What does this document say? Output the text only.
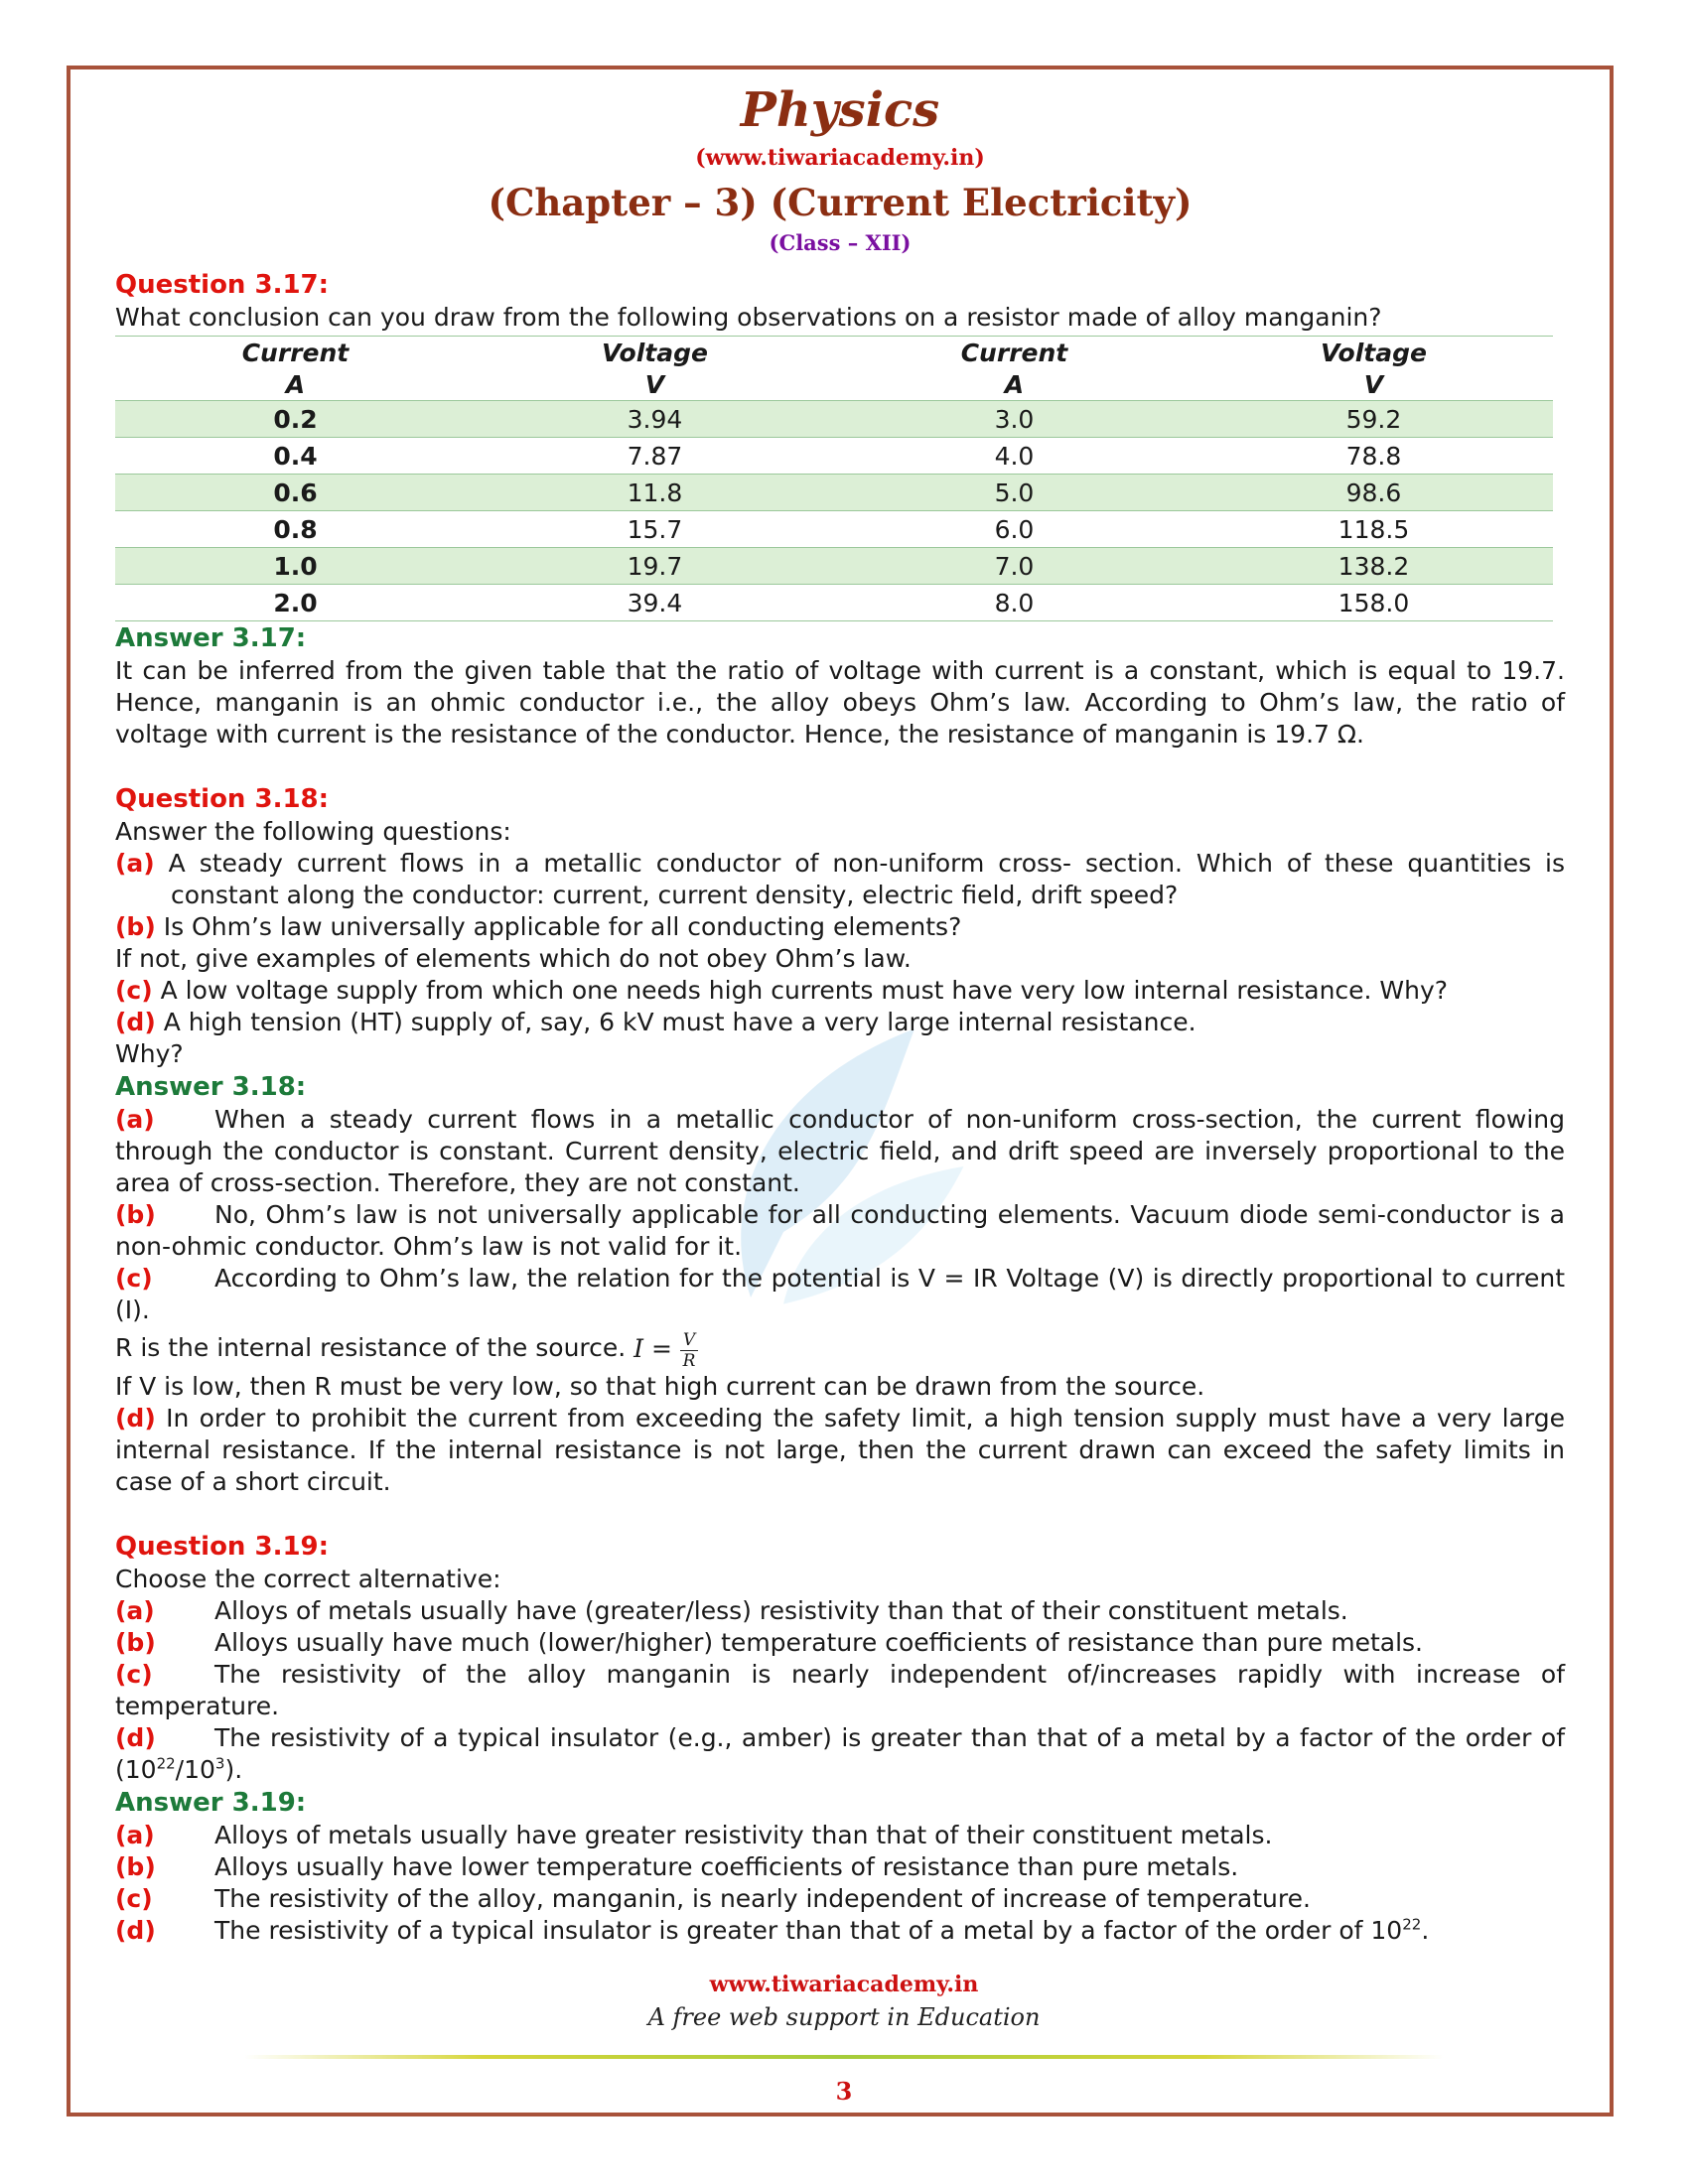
Physics
(www.tiwariacademy.in)
(Chapter – 3) (Current Electricity)
(Class – XII)
Question 3.17:
What conclusion can you draw from the following observations on a resistor made of alloy manganin?
Current	Voltage	Current	Voltage
A	V	A	V
0.2	3.94	3.0	59.2
0.4	7.87	4.0	78.8
0.6	11.8	5.0	98.6
0.8	15.7	6.0	118.5
1.0	19.7	7.0	138.2
2.0	39.4	8.0	158.0
Answer 3.17:
It can be inferred from the given table that the ratio of voltage with current is a constant, which is equal to 19.7. Hence, manganin is an ohmic conductor i.e., the alloy obeys Ohm’s law. According to Ohm’s law, the ratio of voltage with current is the resistance of the conductor. Hence, the resistance of manganin is 19.7 Ω.
Question 3.18:
Answer the following questions:
(a) A steady current flows in a metallic conductor of non-uniform cross- section. Which of these quantities is constant along the conductor: current, current density, electric field, drift speed?
(b) Is Ohm’s law universally applicable for all conducting elements?
If not, give examples of elements which do not obey Ohm’s law.
(c) A low voltage supply from which one needs high currents must have very low internal resistance. Why?
(d) A high tension (HT) supply of, say, 6 kV must have a very large internal resistance.
Why?
Answer 3.18:
(a) When a steady current flows in a metallic conductor of non-uniform cross-section, the current flowing through the conductor is constant. Current density, electric field, and drift speed are inversely proportional to the area of cross-section. Therefore, they are not constant.
(b) No, Ohm’s law is not universally applicable for all conducting elements. Vacuum diode semi-conductor is a non-ohmic conductor. Ohm’s law is not valid for it.
(c) According to Ohm’s law, the relation for the potential is V = IR Voltage (V) is directly proportional to current (I).
R is the internal resistance of the source. $I = \frac{V}{R}$
If V is low, then R must be very low, so that high current can be drawn from the source.
(d) In order to prohibit the current from exceeding the safety limit, a high tension supply must have a very large internal resistance. If the internal resistance is not large, then the current drawn can exceed the safety limits in case of a short circuit.
Question 3.19:
Choose the correct alternative:
(a) Alloys of metals usually have (greater/less) resistivity than that of their constituent metals.
(b) Alloys usually have much (lower/higher) temperature coefficients of resistance than pure metals.
(c) The resistivity of the alloy manganin is nearly independent of/increases rapidly with increase of temperature.
(d) The resistivity of a typical insulator (e.g., amber) is greater than that of a metal by a factor of the order of $(10^{22}/10^3)$.
Answer 3.19:
(a) Alloys of metals usually have greater resistivity than that of their constituent metals.
(b) Alloys usually have lower temperature coefficients of resistance than pure metals.
(c) The resistivity of the alloy, manganin, is nearly independent of increase of temperature.
(d) The resistivity of a typical insulator is greater than that of a metal by a factor of the order of $10^{22}$.
www.tiwariacademy.in
A free web support in Education
3
